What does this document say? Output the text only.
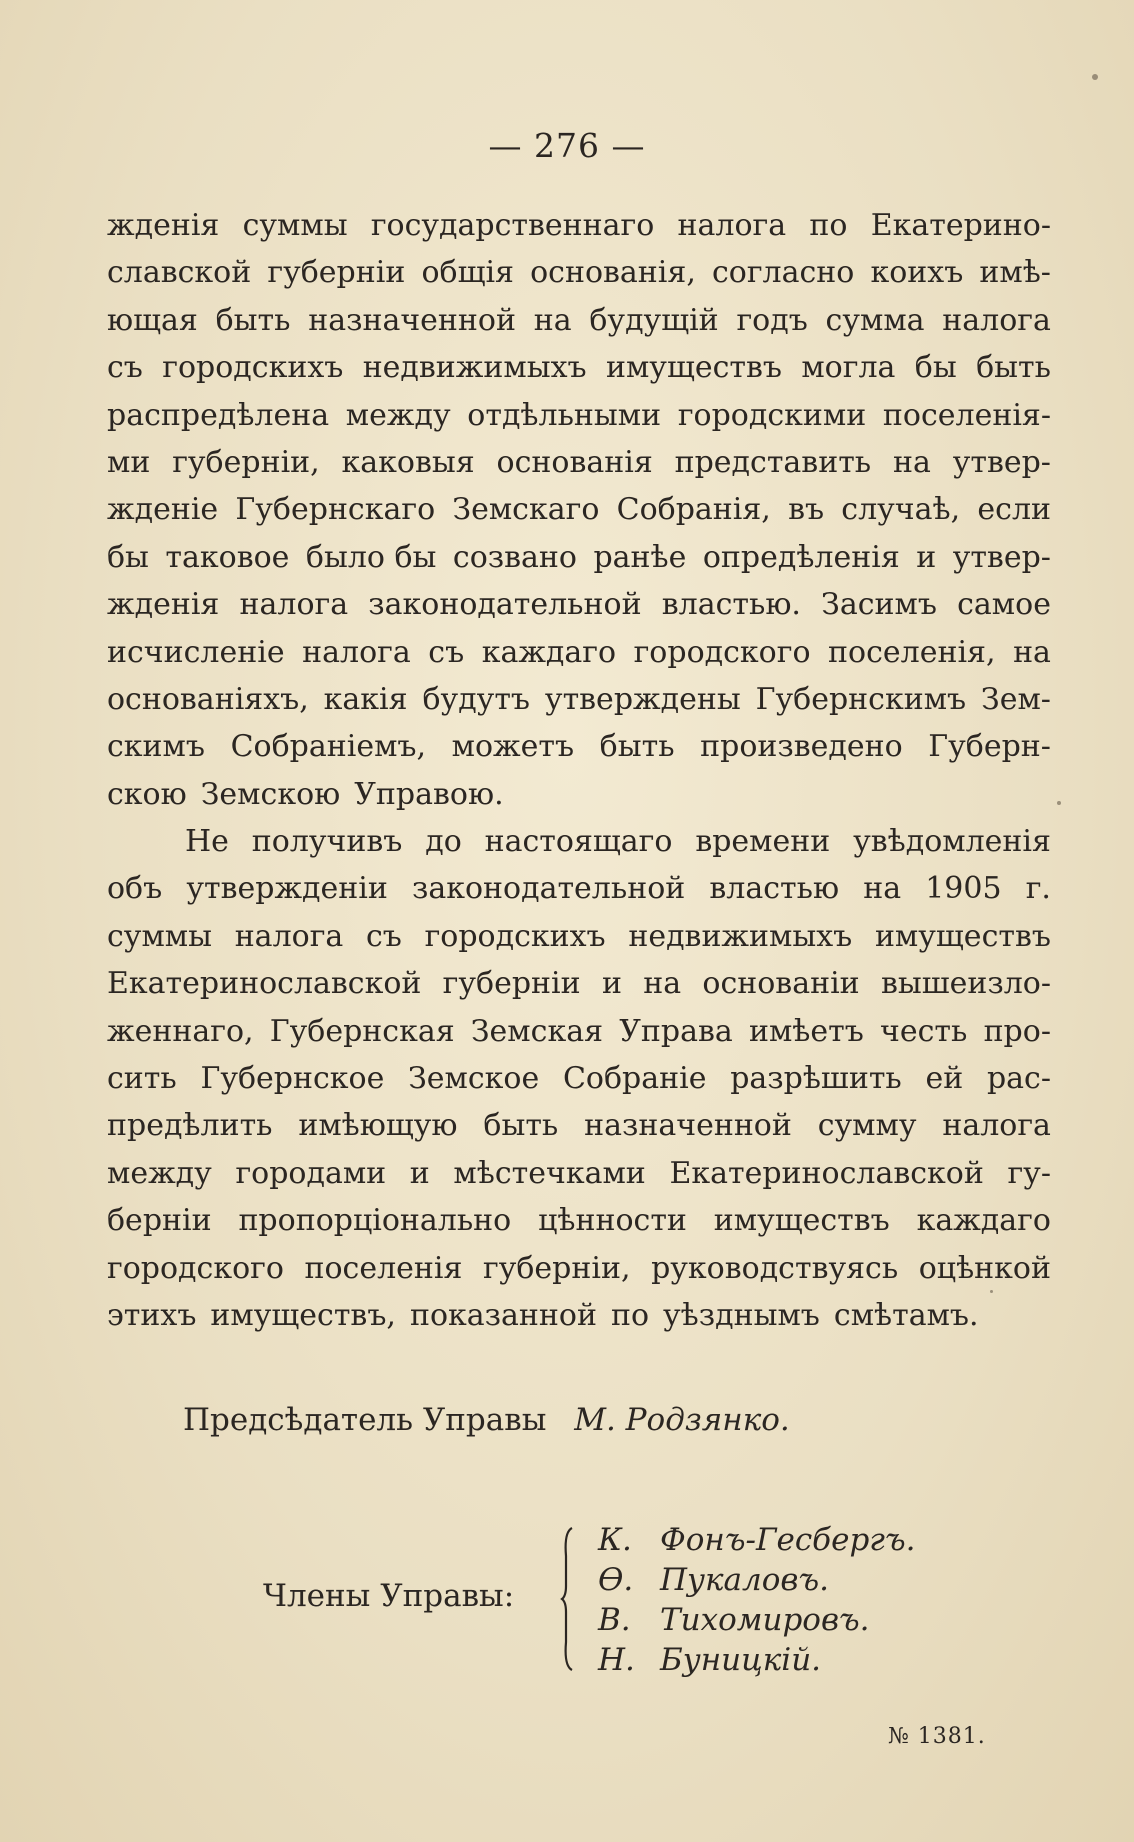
— 276 —
жденія суммы государственнаго налога по Екатерино-
славской губерніи общія основанія, согласно коихъ имѣ-
ющая быть назначенной на будущій годъ сумма налога
съ городскихъ недвижимыхъ имуществъ могла бы быть
распредѣлена между отдѣльными городскими поселенія-
ми губерніи, каковыя основанія представить на утвер-
жденіе Губернскаго Земскаго Собранія, въ случаѣ, если
бы таковое было бы созвано ранѣе опредѣленія и утвер-
жденія налога законодательной властью. Засимъ самое
исчисленіе налога съ каждаго городского поселенія, на
основаніяхъ, какія будутъ утверждены Губернскимъ Зем-
скимъ Собраніемъ, можетъ быть произведено Губерн-
скою Земскою Управою.
Не получивъ до настоящаго времени увѣдомленія
объ утвержденіи законодательной властью на 1905 г.
суммы налога съ городскихъ недвижимыхъ имуществъ
Екатеринославской губерніи и на основаніи вышеизло-
женнаго, Губернская Земская Управа имѣетъ честь про-
сить Губернское Земское Собраніе разрѣшить ей рас-
предѣлить имѣющую быть назначенной сумму налога
между городами и мѣстечками Екатеринославской гу-
берніи пропорціонально цѣнности имуществъ каждаго
городского поселенія губерніи, руководствуясь оцѣнкой
этихъ имуществъ, показанной по уѣзднымъ смѣтамъ.
Предсѣдатель Управы М. Родзянко.
Члены Управы:
К. Фонъ-Гесбергъ.
Ѳ. Пукаловъ.
В. Тихомировъ.
Н. Буницкій.
№ 1381.
